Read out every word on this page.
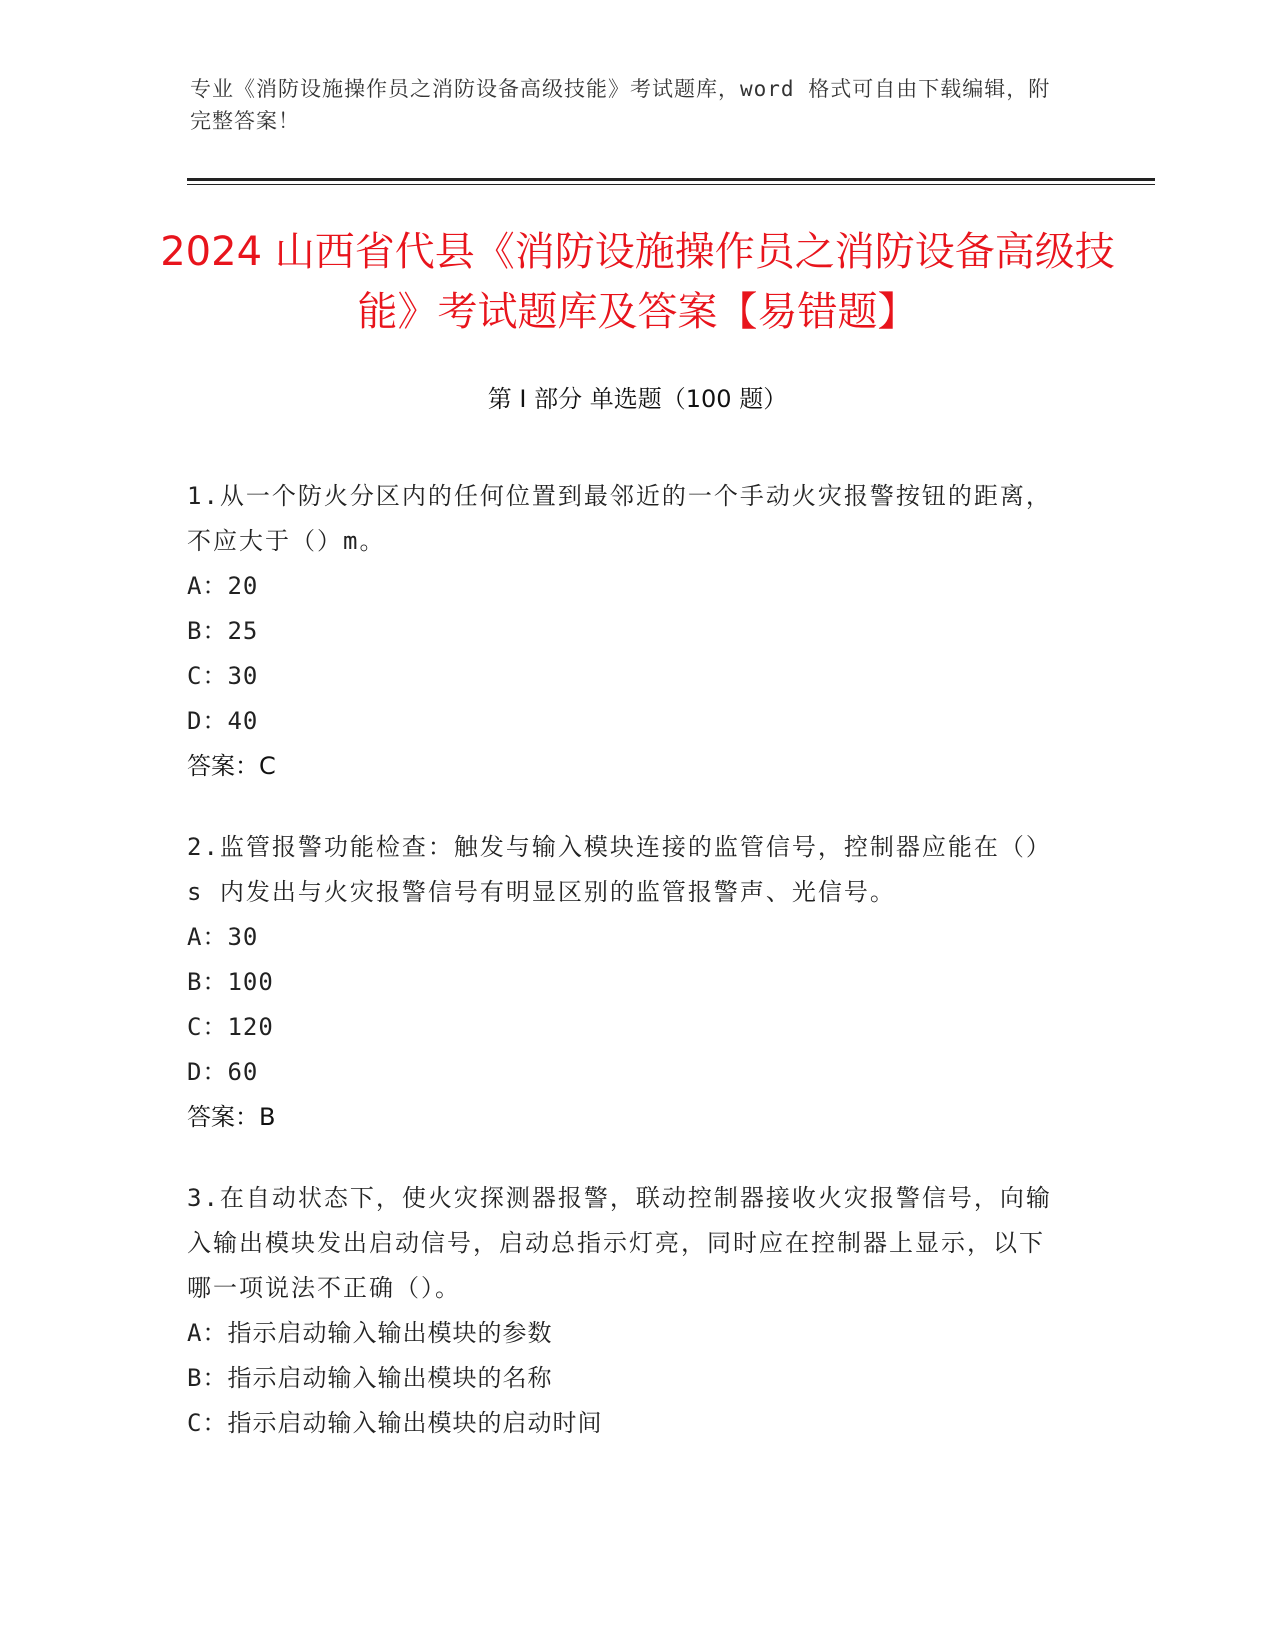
专业《消防设施操作员之消防设备高级技能》考试题库，word 格式可自由下载编辑，附完整答案！
2024 山西省代县《消防设施操作员之消防设备高级技能》考试题库及答案【易错题】
第 I 部分 单选题（100 题）

1.从一个防火分区内的任何位置到最邻近的一个手动火灾报警按钮的距离，不应大于（）m。

A：20
B：25
C：30
D：40
答案：C

2.监管报警功能检查：触发与输入模块连接的监管信号，控制器应能在（）s 内发出与火灾报警信号有明显区别的监管报警声、光信号。

A：30
B：100
C：120
D：60
答案：B

3.在自动状态下，使火灾探测器报警，联动控制器接收火灾报警信号，向输入输出模块发出启动信号，启动总指示灯亮，同时应在控制器上显示，以下哪一项说法不正确（）。

A：指示启动输入输出模块的参数
B：指示启动输入输出模块的名称
C：指示启动输入输出模块的启动时间
